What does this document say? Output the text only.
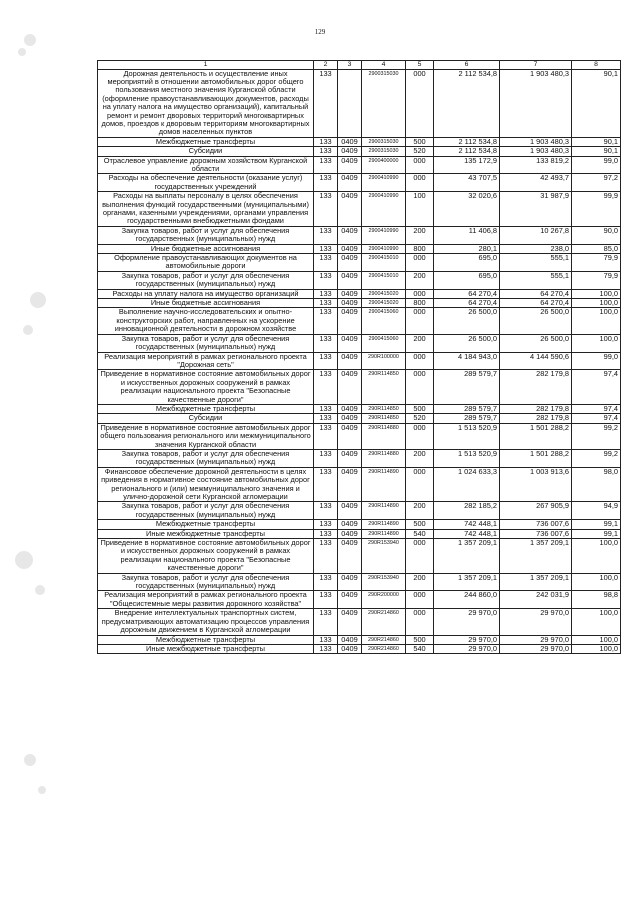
129
1	2	3	4	5	6	7	8
Дорожная деятельность и осуществление иных мероприятий в отношении автомобильных дорог общего пользования местного значения Курганской области (оформление правоустанавливающих документов, расходы на уплату налога на имущество организаций), капитальный ремонт и ремонт дворовых территорий многоквартирных домов, проездов к дворовым территориям многоквартирных домов населенных пунктов	133		2900315030	000	2 112 534,8	1 903 480,3	90,1
Межбюджетные трансферты	133	0409	2900315030	500	2 112 534,8	1 903 480,3	90,1
Субсидии	133	0409	2900315030	520	2 112 534,8	1 903 480,3	90,1
Отраслевое управление дорожным хозяйством Курганской области	133	0409	2900400000	000	135 172,9	133 819,2	99,0
Расходы на обеспечение деятельности (оказание услуг) государственных учреждений	133	0409	2900410990	000	43 707,5	42 493,7	97,2
Расходы на выплаты персоналу в целях обеспечения выполнения функций государственными (муниципальными) органами, казенными учреждениями, органами управления государственными внебюджетными фондами	133	0409	2900410990	100	32 020,6	31 987,9	99,9
Закупка товаров, работ и услуг для обеспечения государственных (муниципальных) нужд	133	0409	2900410990	200	11 406,8	10 267,8	90,0
Иные бюджетные ассигнования	133	0409	2900410990	800	280,1	238,0	85,0
Оформление правоустанавливающих документов на автомобильные дороги	133	0409	2900415010	000	695,0	555,1	79,9
Закупка товаров, работ и услуг для обеспечения государственных (муниципальных) нужд	133	0409	2900415010	200	695,0	555,1	79,9
Расходы на уплату налога на имущество организаций	133	0409	2900415020	000	64 270,4	64 270,4	100,0
Иные бюджетные ассигнования	133	0409	2900415020	800	64 270,4	64 270,4	100,0
Выполнение научно-исследовательских и опытно-конструкторских работ, направленных на ускорение инновационной деятельности в дорожном хозяйстве	133	0409	2900415060	000	26 500,0	26 500,0	100,0
Закупка товаров, работ и услуг для обеспечения государственных (муниципальных) нужд	133	0409	2900415060	200	26 500,0	26 500,0	100,0
Реализация мероприятий в рамках регионального проекта "Дорожная сеть"	133	0409	290R100000	000	4 184 943,0	4 144 590,6	99,0
Приведение в нормативное состояние автомобильных дорог и искусственных дорожных сооружений в рамках реализации национального проекта "Безопасные качественные дороги"	133	0409	290R114850	000	289 579,7	282 179,8	97,4
Межбюджетные трансферты	133	0409	290R114850	500	289 579,7	282 179,8	97,4
Субсидии	133	0409	290R114850	520	289 579,7	282 179,8	97,4
Приведение в нормативное состояние автомобильных дорог общего пользования регионального или межмуниципального значения Курганской области	133	0409	290R114880	000	1 513 520,9	1 501 288,2	99,2
Закупка товаров, работ и услуг для обеспечения государственных (муниципальных) нужд	133	0409	290R114880	200	1 513 520,9	1 501 288,2	99,2
Финансовое обеспечение дорожной деятельности в целях приведения в нормативное состояние автомобильных дорог регионального и (или) межмуниципального значения и улично-дорожной сети Курганской агломерации	133	0409	290R114890	000	1 024 633,3	1 003 913,6	98,0
Закупка товаров, работ и услуг для обеспечения государственных (муниципальных) нужд	133	0409	290R114890	200	282 185,2	267 905,9	94,9
Межбюджетные трансферты	133	0409	290R114890	500	742 448,1	736 007,6	99,1
Иные межбюджетные трансферты	133	0409	290R114890	540	742 448,1	736 007,6	99,1
Приведение в нормативное состояние автомобильных дорог и искусственных дорожных сооружений в рамках реализации национального проекта "Безопасные качественные дороги"	133	0409	290R153940	000	1 357 209,1	1 357 209,1	100,0
Закупка товаров, работ и услуг для обеспечения государственных (муниципальных) нужд	133	0409	290R153940	200	1 357 209,1	1 357 209,1	100,0
Реализация мероприятий в рамках регионального проекта "Общесистемные меры развития дорожного хозяйства"	133	0409	290R200000	000	244 860,0	242 031,9	98,8
Внедрение интеллектуальных транспортных систем, предусматривающих автоматизацию процессов управления дорожным движением в Курганской агломерации	133	0409	290R214860	000	29 970,0	29 970,0	100,0
Межбюджетные трансферты	133	0409	290R214860	500	29 970,0	29 970,0	100,0
Иные межбюджетные трансферты	133	0409	290R214860	540	29 970,0	29 970,0	100,0
